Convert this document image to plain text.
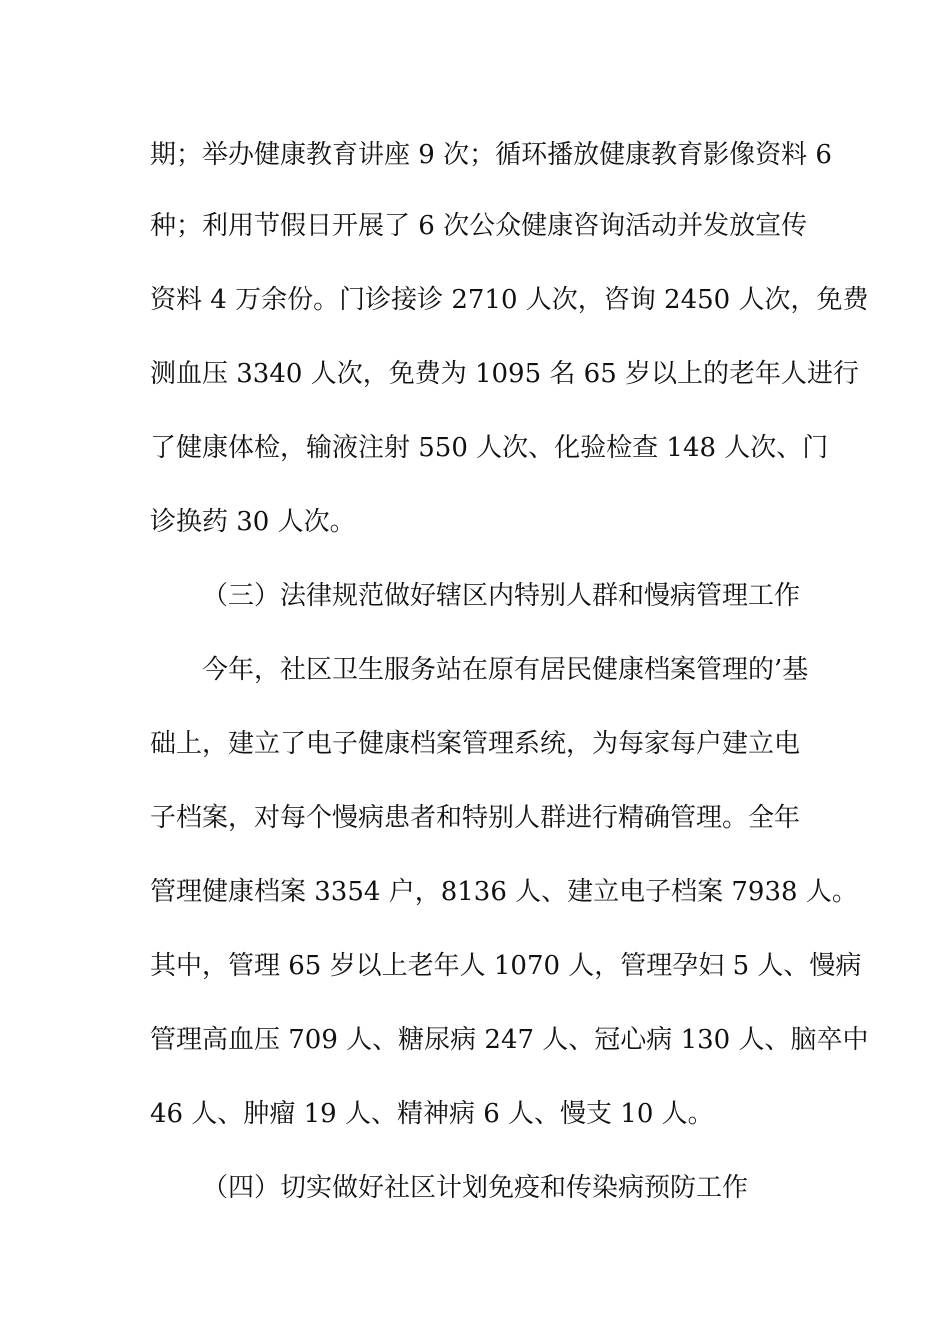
期；举办健康教育讲座 9 次；循环播放健康教育影像资料 6
种；利用节假日开展了 6 次公众健康咨询活动并发放宣传
资料 4 万余份。门诊接诊 2710 人次，咨询 2450 人次，免费
测血压 3340 人次，免费为 1095 名 65 岁以上的老年人进行
了健康体检，输液注射 550 人次、化验检查 148 人次、门
诊换药 30 人次。
（三）法律规范做好辖区内特别人群和慢病管理工作
今年，社区卫生服务站在原有居民健康档案管理的’基
础上，建立了电子健康档案管理系统，为每家每户建立电
子档案，对每个慢病患者和特别人群进行精确管理。全年
管理健康档案 3354 户，8136 人、建立电子档案 7938 人。
其中，管理 65 岁以上老年人 1070 人，管理孕妇 5 人、慢病
管理高血压 709 人、糖尿病 247 人、冠心病 130 人、脑卒中
46 人、肿瘤 19 人、精神病 6 人、慢支 10 人。
（四）切实做好社区计划免疫和传染病预防工作
